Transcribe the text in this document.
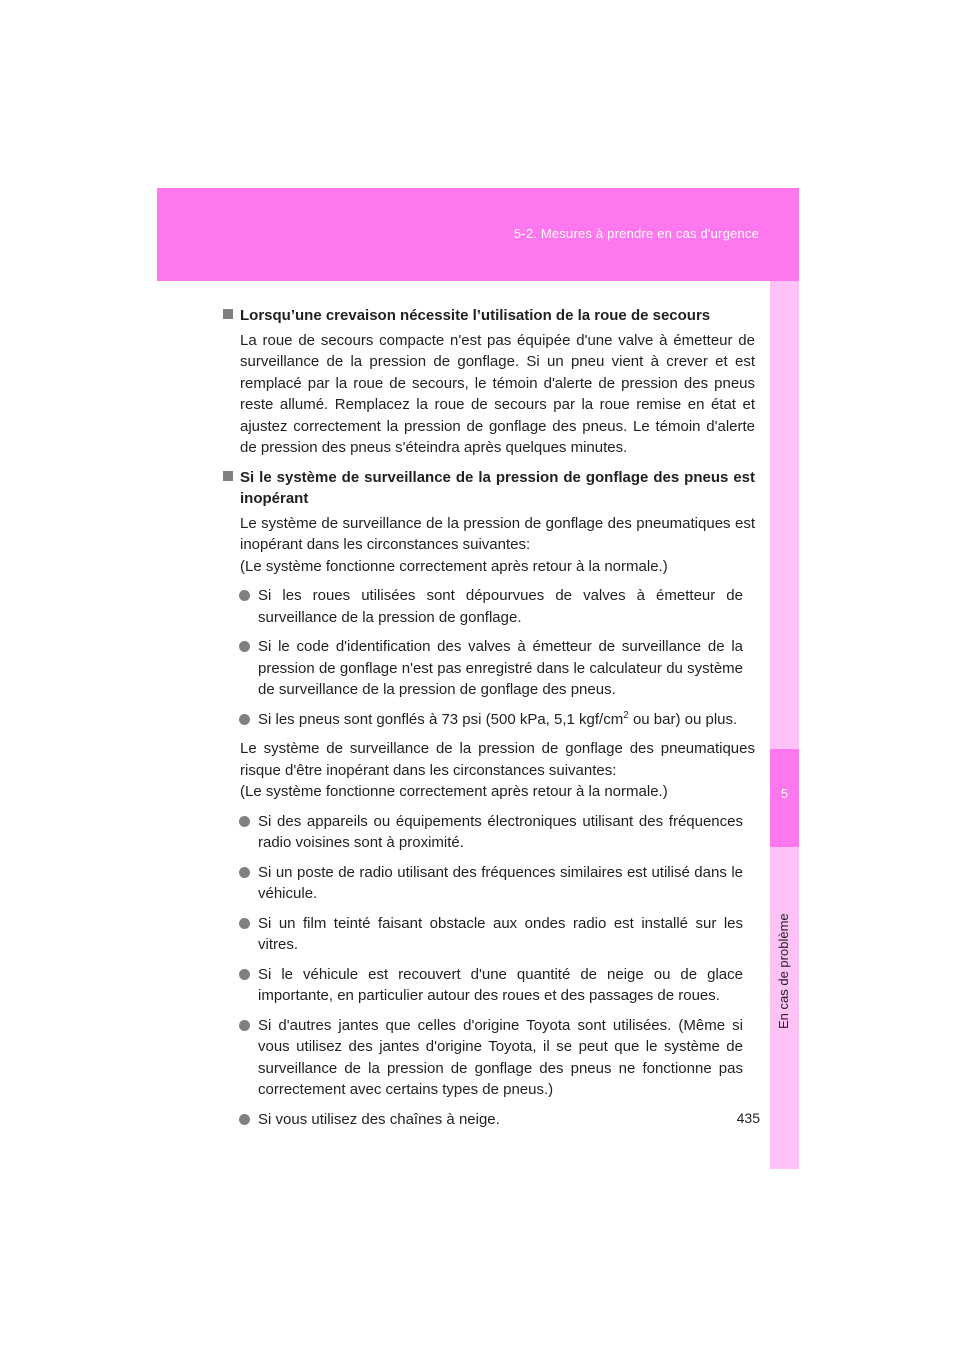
5-2. Mesures à prendre en cas d'urgence
5
En cas de problème
Lorsqu’une crevaison nécessite l’utilisation de la roue de secours
La roue de secours compacte n'est pas équipée d'une valve à émetteur de surveillance de la pression de gonflage. Si un pneu vient à crever et est remplacé par la roue de secours, le témoin d'alerte de pression des pneus reste allumé. Remplacez la roue de secours par la roue remise en état et ajustez correctement la pression de gonflage des pneus. Le témoin d'alerte de pression des pneus s'éteindra après quelques minutes.
Si le système de surveillance de la pression de gonflage des pneus est inopérant
Le système de surveillance de la pression de gonflage des pneumatiques est inopérant dans les circonstances suivantes:
(Le système fonctionne correctement après retour à la normale.)
Si les roues utilisées sont dépourvues de valves à émetteur de surveillance de la pression de gonflage.
Si le code d'identification des valves à émetteur de surveillance de la pression de gonflage n'est pas enregistré dans le calculateur du système de surveillance de la pression de gonflage des pneus.
Si les pneus sont gonflés à 73 psi (500 kPa, 5,1 kgf/$cm^2$ ou bar) ou plus.
Le système de surveillance de la pression de gonflage des pneumatiques risque d'être inopérant dans les circonstances suivantes:
(Le système fonctionne correctement après retour à la normale.)
Si des appareils ou équipements électroniques utilisant des fréquences radio voisines sont à proximité.
Si un poste de radio utilisant des fréquences similaires est utilisé dans le véhicule.
Si un film teinté faisant obstacle aux ondes radio est installé sur les vitres.
Si le véhicule est recouvert d'une quantité de neige ou de glace importante, en particulier autour des roues et des passages de roues.
Si d'autres jantes que celles d'origine Toyota sont utilisées. (Même si vous utilisez des jantes d'origine Toyota, il se peut que le système de surveillance de la pression de gonflage des pneus ne fonctionne pas correctement avec certains types de pneus.)
Si vous utilisez des chaînes à neige.	435
